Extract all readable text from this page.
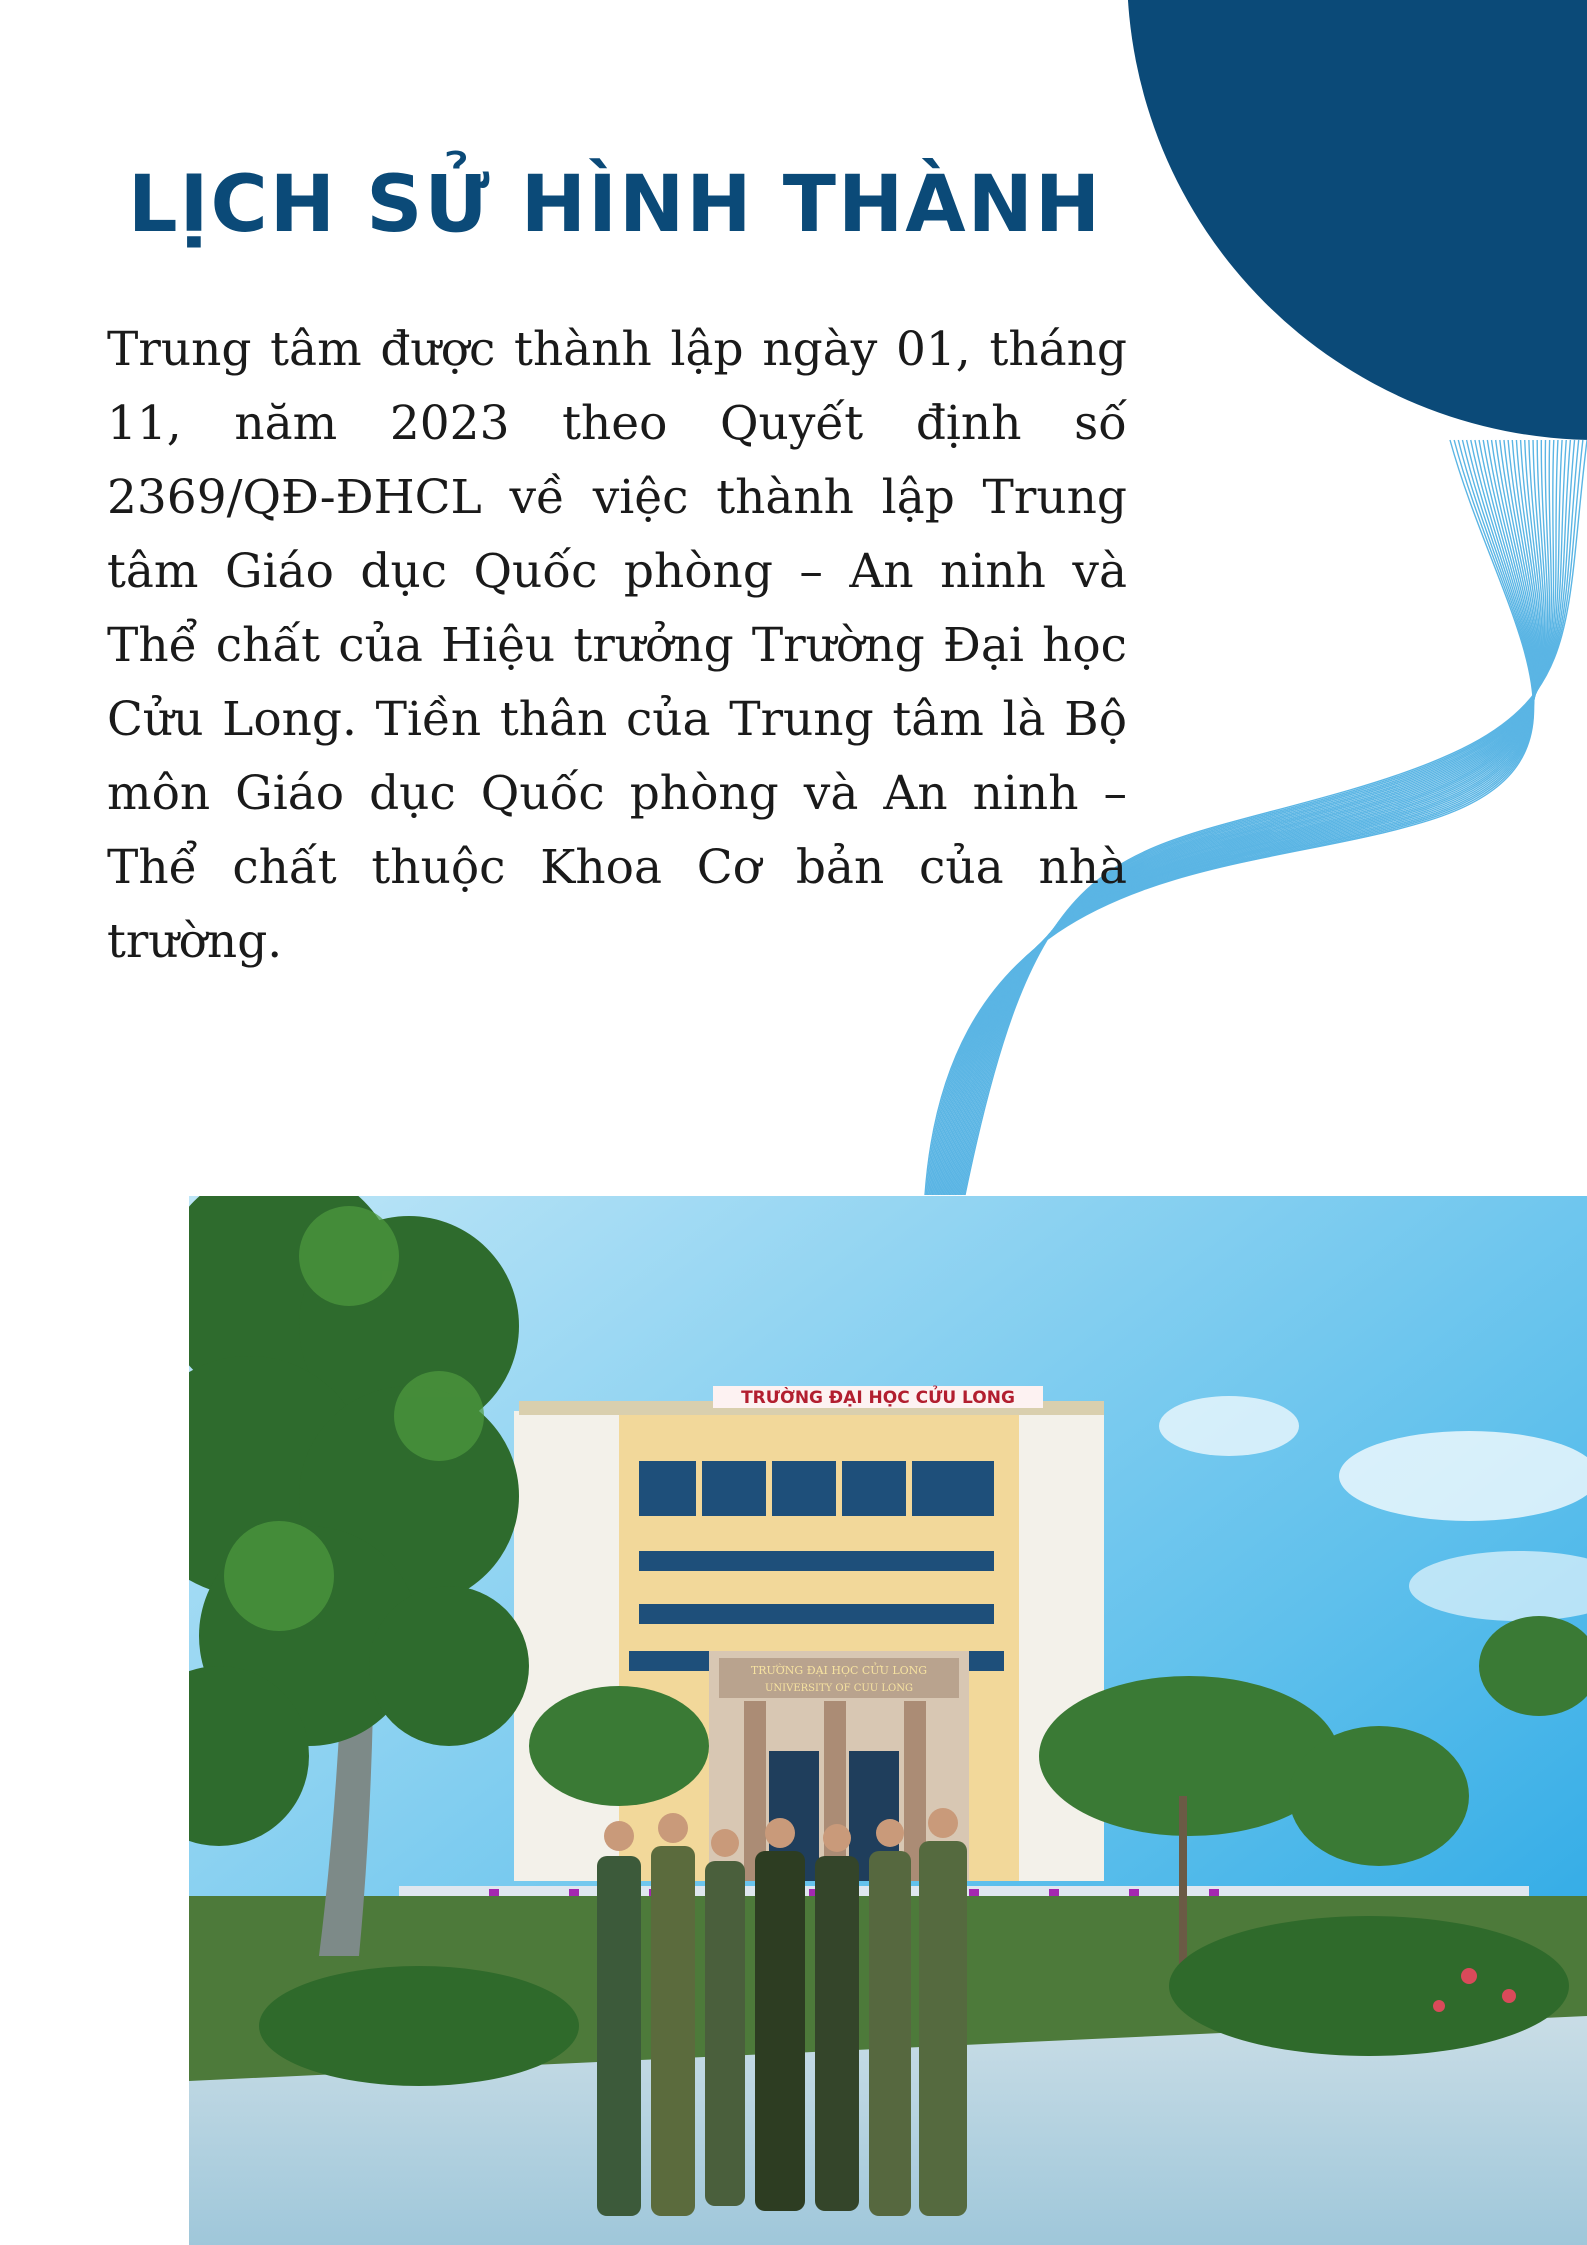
LỊCH SỬ HÌNH THÀNH

Trung tâm được thành lập ngày 01, tháng 11, năm 2023 theo Quyết định số 2369/QĐ-ĐHCL về việc thành lập Trung tâm Giáo dục Quốc phòng – An ninh và Thể chất của Hiệu trưởng Trường Đại học Cửu Long. Tiền thân của Trung tâm là Bộ môn Giáo dục Quốc phòng và An ninh – Thể chất thuộc Khoa Cơ bản của nhà trường.

TRƯỜNG ĐẠI HỌC CỬU LONG
TRƯỜNG ĐẠI HỌC CỬU LONG
UNIVERSITY OF CUU LONG
